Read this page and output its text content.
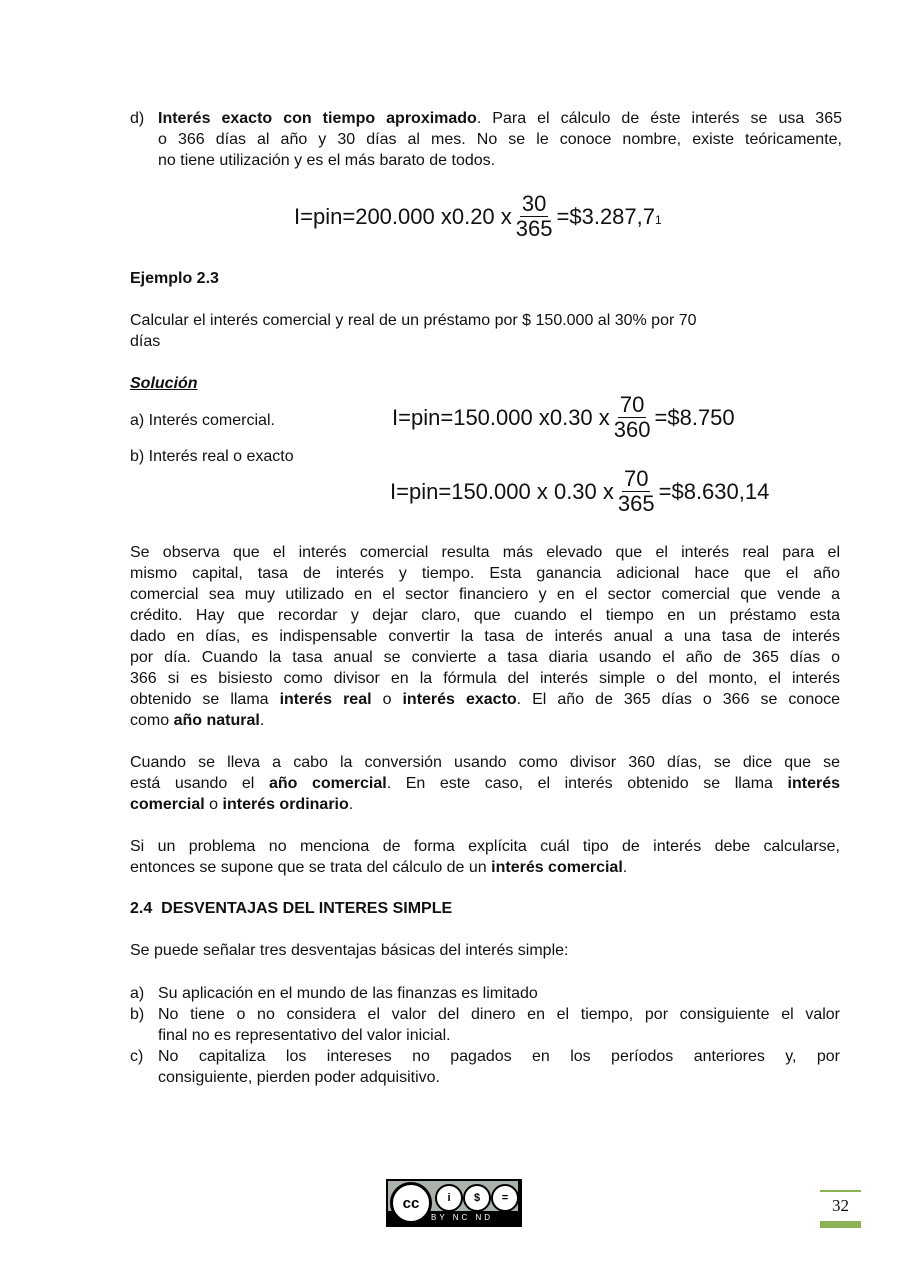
d) Interés exacto con tiempo aproximado. Para el cálculo de éste interés se usa 365
o 366 días al año y 30 días al mes. No se le conoce nombre, existe teóricamente,
no tiene utilización y es el más barato de todos.
I = pin = 200.000 x0.20 x $\frac{30}{365}$ = $3.287,7 1
Ejemplo 2.3
Calcular el interés comercial y real de un préstamo por $ 150.000 al 30% por 70
días
Solución
a) Interés comercial.
b) Interés real o exacto
I = pin = 150.000 x0.30 x $\frac{70}{360}$ = $8.750
I = pin = 150.000 x 0.30 x $\frac{70}{365}$ = $8.630,14
Se observa que el interés comercial resulta más elevado que el interés real para el
mismo capital, tasa de interés y tiempo. Esta ganancia adicional hace que el año
comercial sea muy utilizado en el sector financiero y en el sector comercial que vende a
crédito. Hay que recordar y dejar claro, que cuando el tiempo en un préstamo esta
dado en días, es indispensable convertir la tasa de interés anual a una tasa de interés
por día. Cuando la tasa anual se convierte a tasa diaria usando el año de 365 días o
366 si es bisiesto como divisor en la fórmula del interés simple o del monto, el interés
obtenido se llama interés real o interés exacto. El año de 365 días o 366 se conoce
como año natural.
Cuando se lleva a cabo la conversión usando como divisor 360 días, se dice que se
está usando el año comercial. En este caso, el interés obtenido se llama interés
comercial o interés ordinario.
Si un problema no menciona de forma explícita cuál tipo de interés debe calcularse,
entonces se supone que se trata del cálculo de un interés comercial.
2.4 DESVENTAJAS DEL INTERES SIMPLE
Se puede señalar tres desventajas básicas del interés simple:
a) Su aplicación en el mundo de las finanzas es limitado
b) No tiene o no considera el valor del dinero en el tiempo, por consiguiente el valor
final no es representativo del valor inicial.
c) No capitaliza los intereses no pagados en los períodos anteriores y, por
consiguiente, pierden poder adquisitivo.
cc	i	$	=
BY NC ND
32
